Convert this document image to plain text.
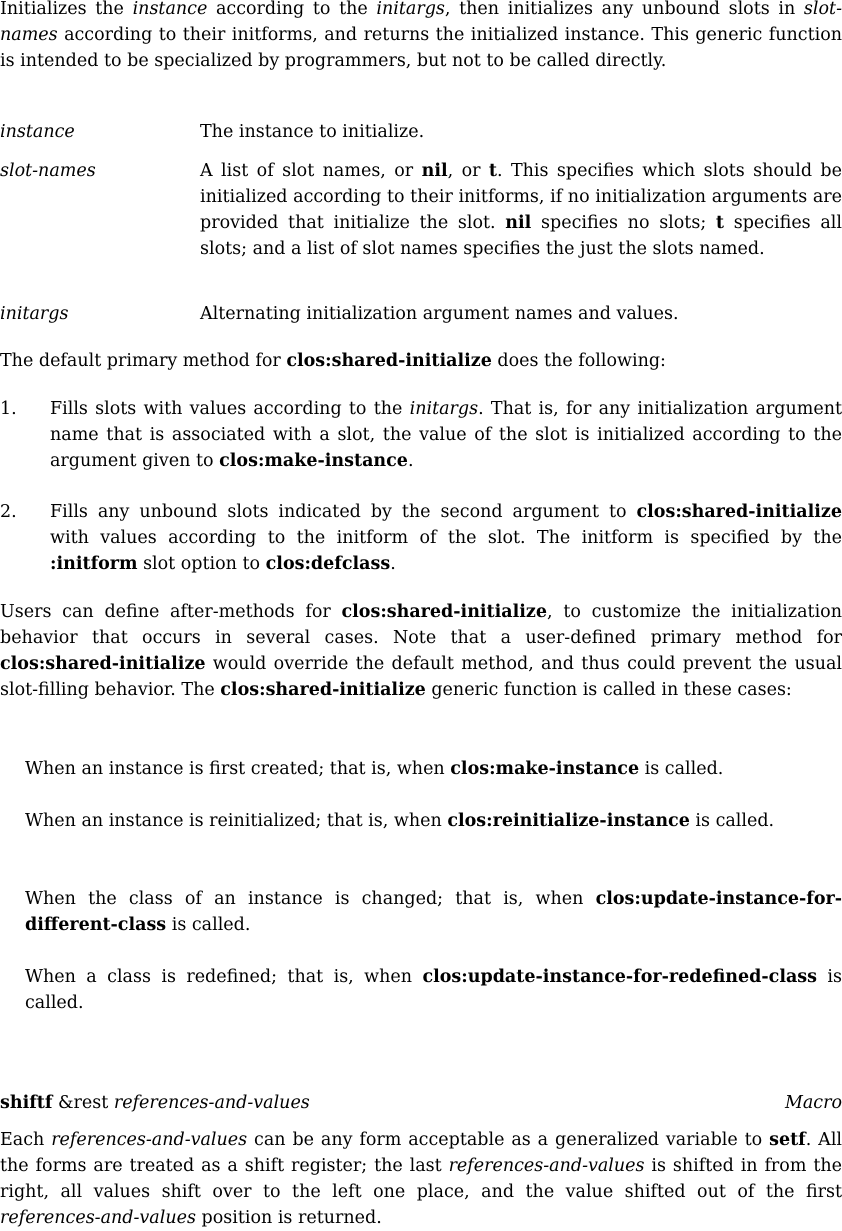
Initializes the instance according to the initargs, then initializes any unbound slots in slot-names according to their initforms, and returns the initialized instance. This generic function is intended to be specialized by programmers, but not to be called directly.

instance	The instance to initialize.

slot-names	A list of slot names, or nil, or t. This specifies which slots should be initialized according to their initforms, if no initialization arguments are provided that initialize the slot. nil specifies no slots; t specifies all slots; and a list of slot names specifies the just the slots named.

initargs	Alternating initialization argument names and values.

The default primary method for clos:shared-initialize does the following:

1. Fills slots with values according to the initargs. That is, for any initialization argument name that is associated with a slot, the value of the slot is initialized according to the argument given to clos:make-instance.

2. Fills any unbound slots indicated by the second argument to clos:shared-initialize with values according to the initform of the slot. The initform is specified by the :initform slot option to clos:defclass.

Users can define after-methods for clos:shared-initialize, to customize the initialization behavior that occurs in several cases. Note that a user-defined primary method for clos:shared-initialize would override the default method, and thus could prevent the usual slot-filling behavior. The clos:shared-initialize generic function is called in these cases:

When an instance is first created; that is, when clos:make-instance is called.

When an instance is reinitialized; that is, when clos:reinitialize-instance is called.

When the class of an instance is changed; that is, when clos:update-instance-for-different-class is called.

When a class is redefined; that is, when clos:update-instance-for-redefined-class is called.

shiftf &rest references-and-values	Macro

Each references-and-values can be any form acceptable as a generalized variable to setf. All the forms are treated as a shift register; the last references-and-values is shifted in from the right, all values shift over to the left one place, and the value shifted out of the first references-and-values position is returned.
